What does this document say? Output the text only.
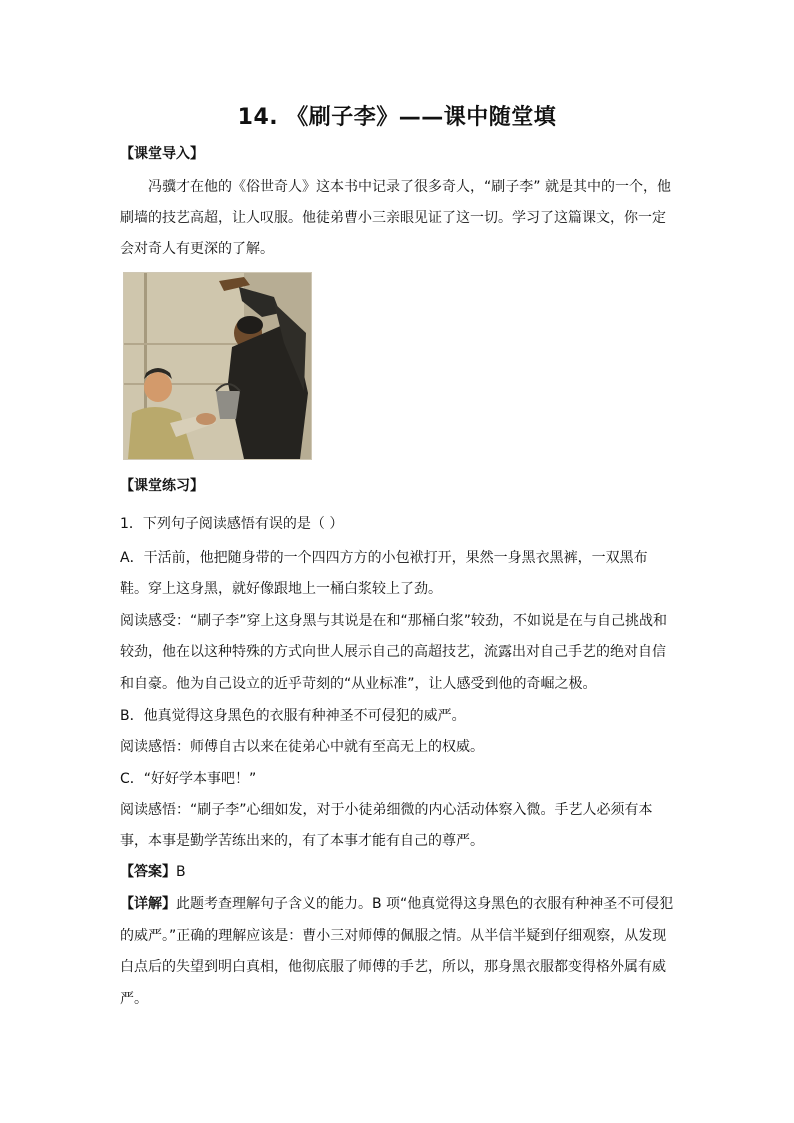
14. 《刷子李》——课中随堂填
【课堂导入】
冯骥才在他的《俗世奇人》这本书中记录了很多奇人，“刷子李” 就是其中的一个，他
刷墙的技艺高超，让人叹服。他徒弟曹小三亲眼见证了这一切。学习了这篇课文，你一定
会对奇人有更深的了解。
【课堂练习】
1．下列句子阅读感悟有误的是（ ）
A．干活前，他把随身带的一个四四方方的小包袱打开，果然一身黑衣黑裤，一双黑布
鞋。穿上这身黑，就好像跟地上一桶白浆较上了劲。
阅读感受：“刷子李”穿上这身黑与其说是在和“那桶白浆”较劲，不如说是在与自己挑战和
较劲，他在以这种特殊的方式向世人展示自己的高超技艺，流露出对自己手艺的绝对自信
和自豪。他为自己设立的近乎苛刻的“从业标准”，让人感受到他的奇崛之极。
B．他真觉得这身黑色的衣服有种神圣不可侵犯的威严。
阅读感悟：师傅自古以来在徒弟心中就有至高无上的权威。
C．“好好学本事吧！”
阅读感悟：“刷子李”心细如发，对于小徒弟细微的内心活动体察入微。手艺人必须有本
事，本事是勤学苦练出来的，有了本事才能有自己的尊严。
【答案】B
【详解】此题考查理解句子含义的能力。B 项“他真觉得这身黑色的衣服有种神圣不可侵犯
的威严。”正确的理解应该是：曹小三对师傅的佩服之情。从半信半疑到仔细观察，从发现
白点后的失望到明白真相，他彻底服了师傅的手艺，所以，那身黑衣服都变得格外属有威
严。
